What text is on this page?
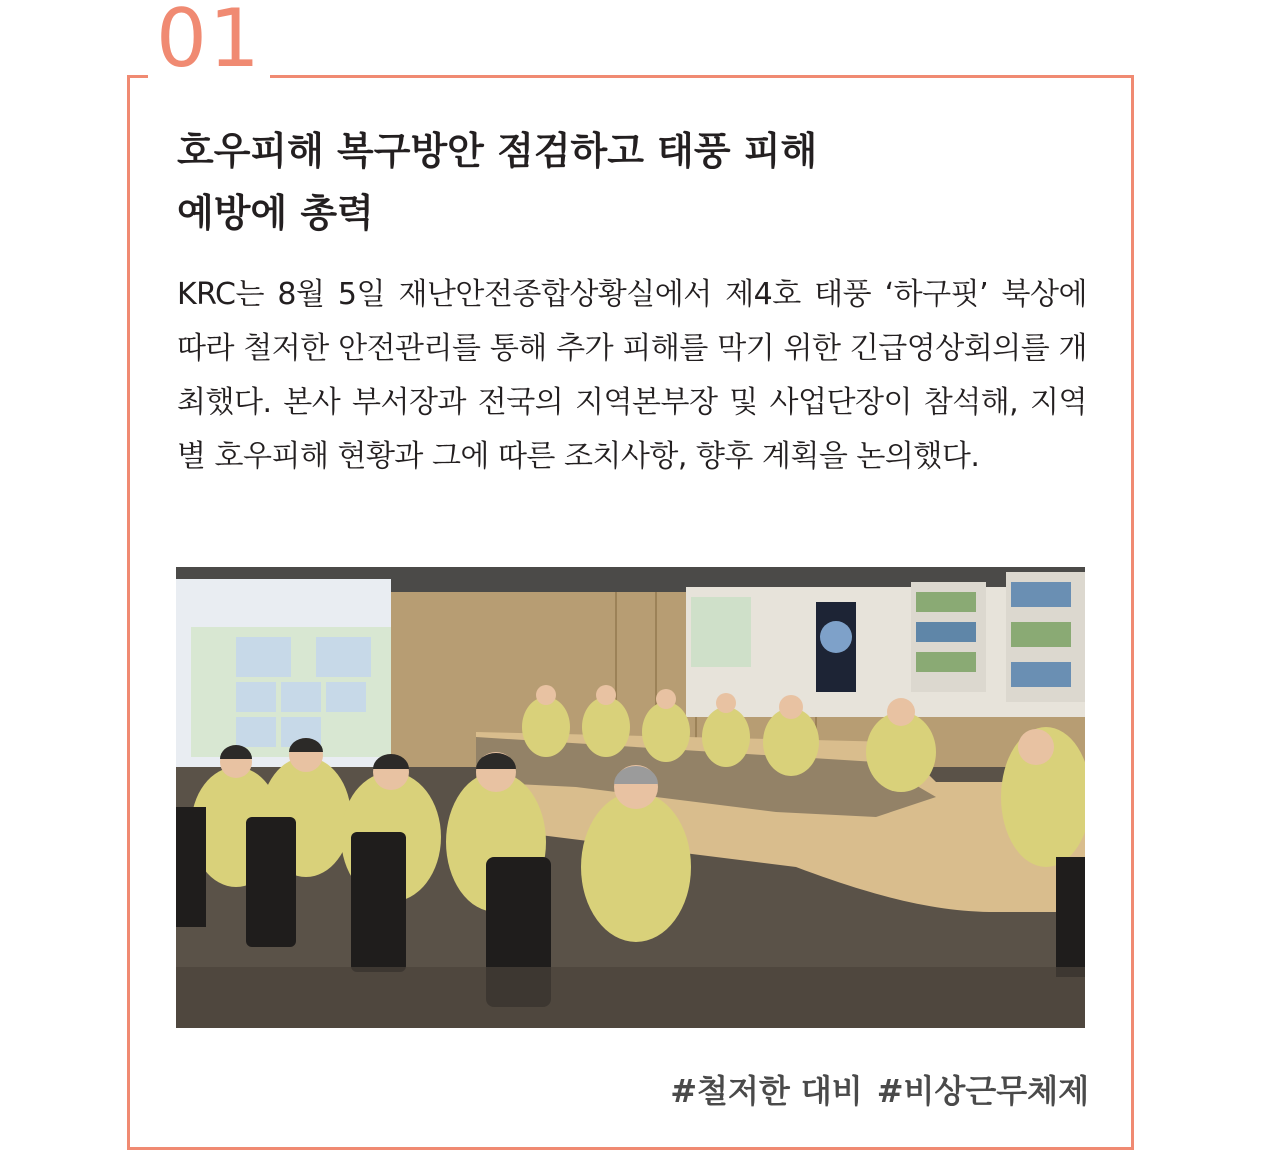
01
호우피해 복구방안 점검하고 태풍 피해
예방에 총력

KRC는 8월 5일 재난안전종합상황실에서 제4호 태풍 ‘하구핏’ 북상에 따라 철저한 안전관리를 통해 추가 피해를 막기 위한 긴급영상회의를 개최했다. 본사 부서장과 전국의 지역본부장 및 사업단장이 참석해, 지역별 호우피해 현황과 그에 따른 조치사항, 향후 계획을 논의했다.

#철저한 대비 #비상근무체제
